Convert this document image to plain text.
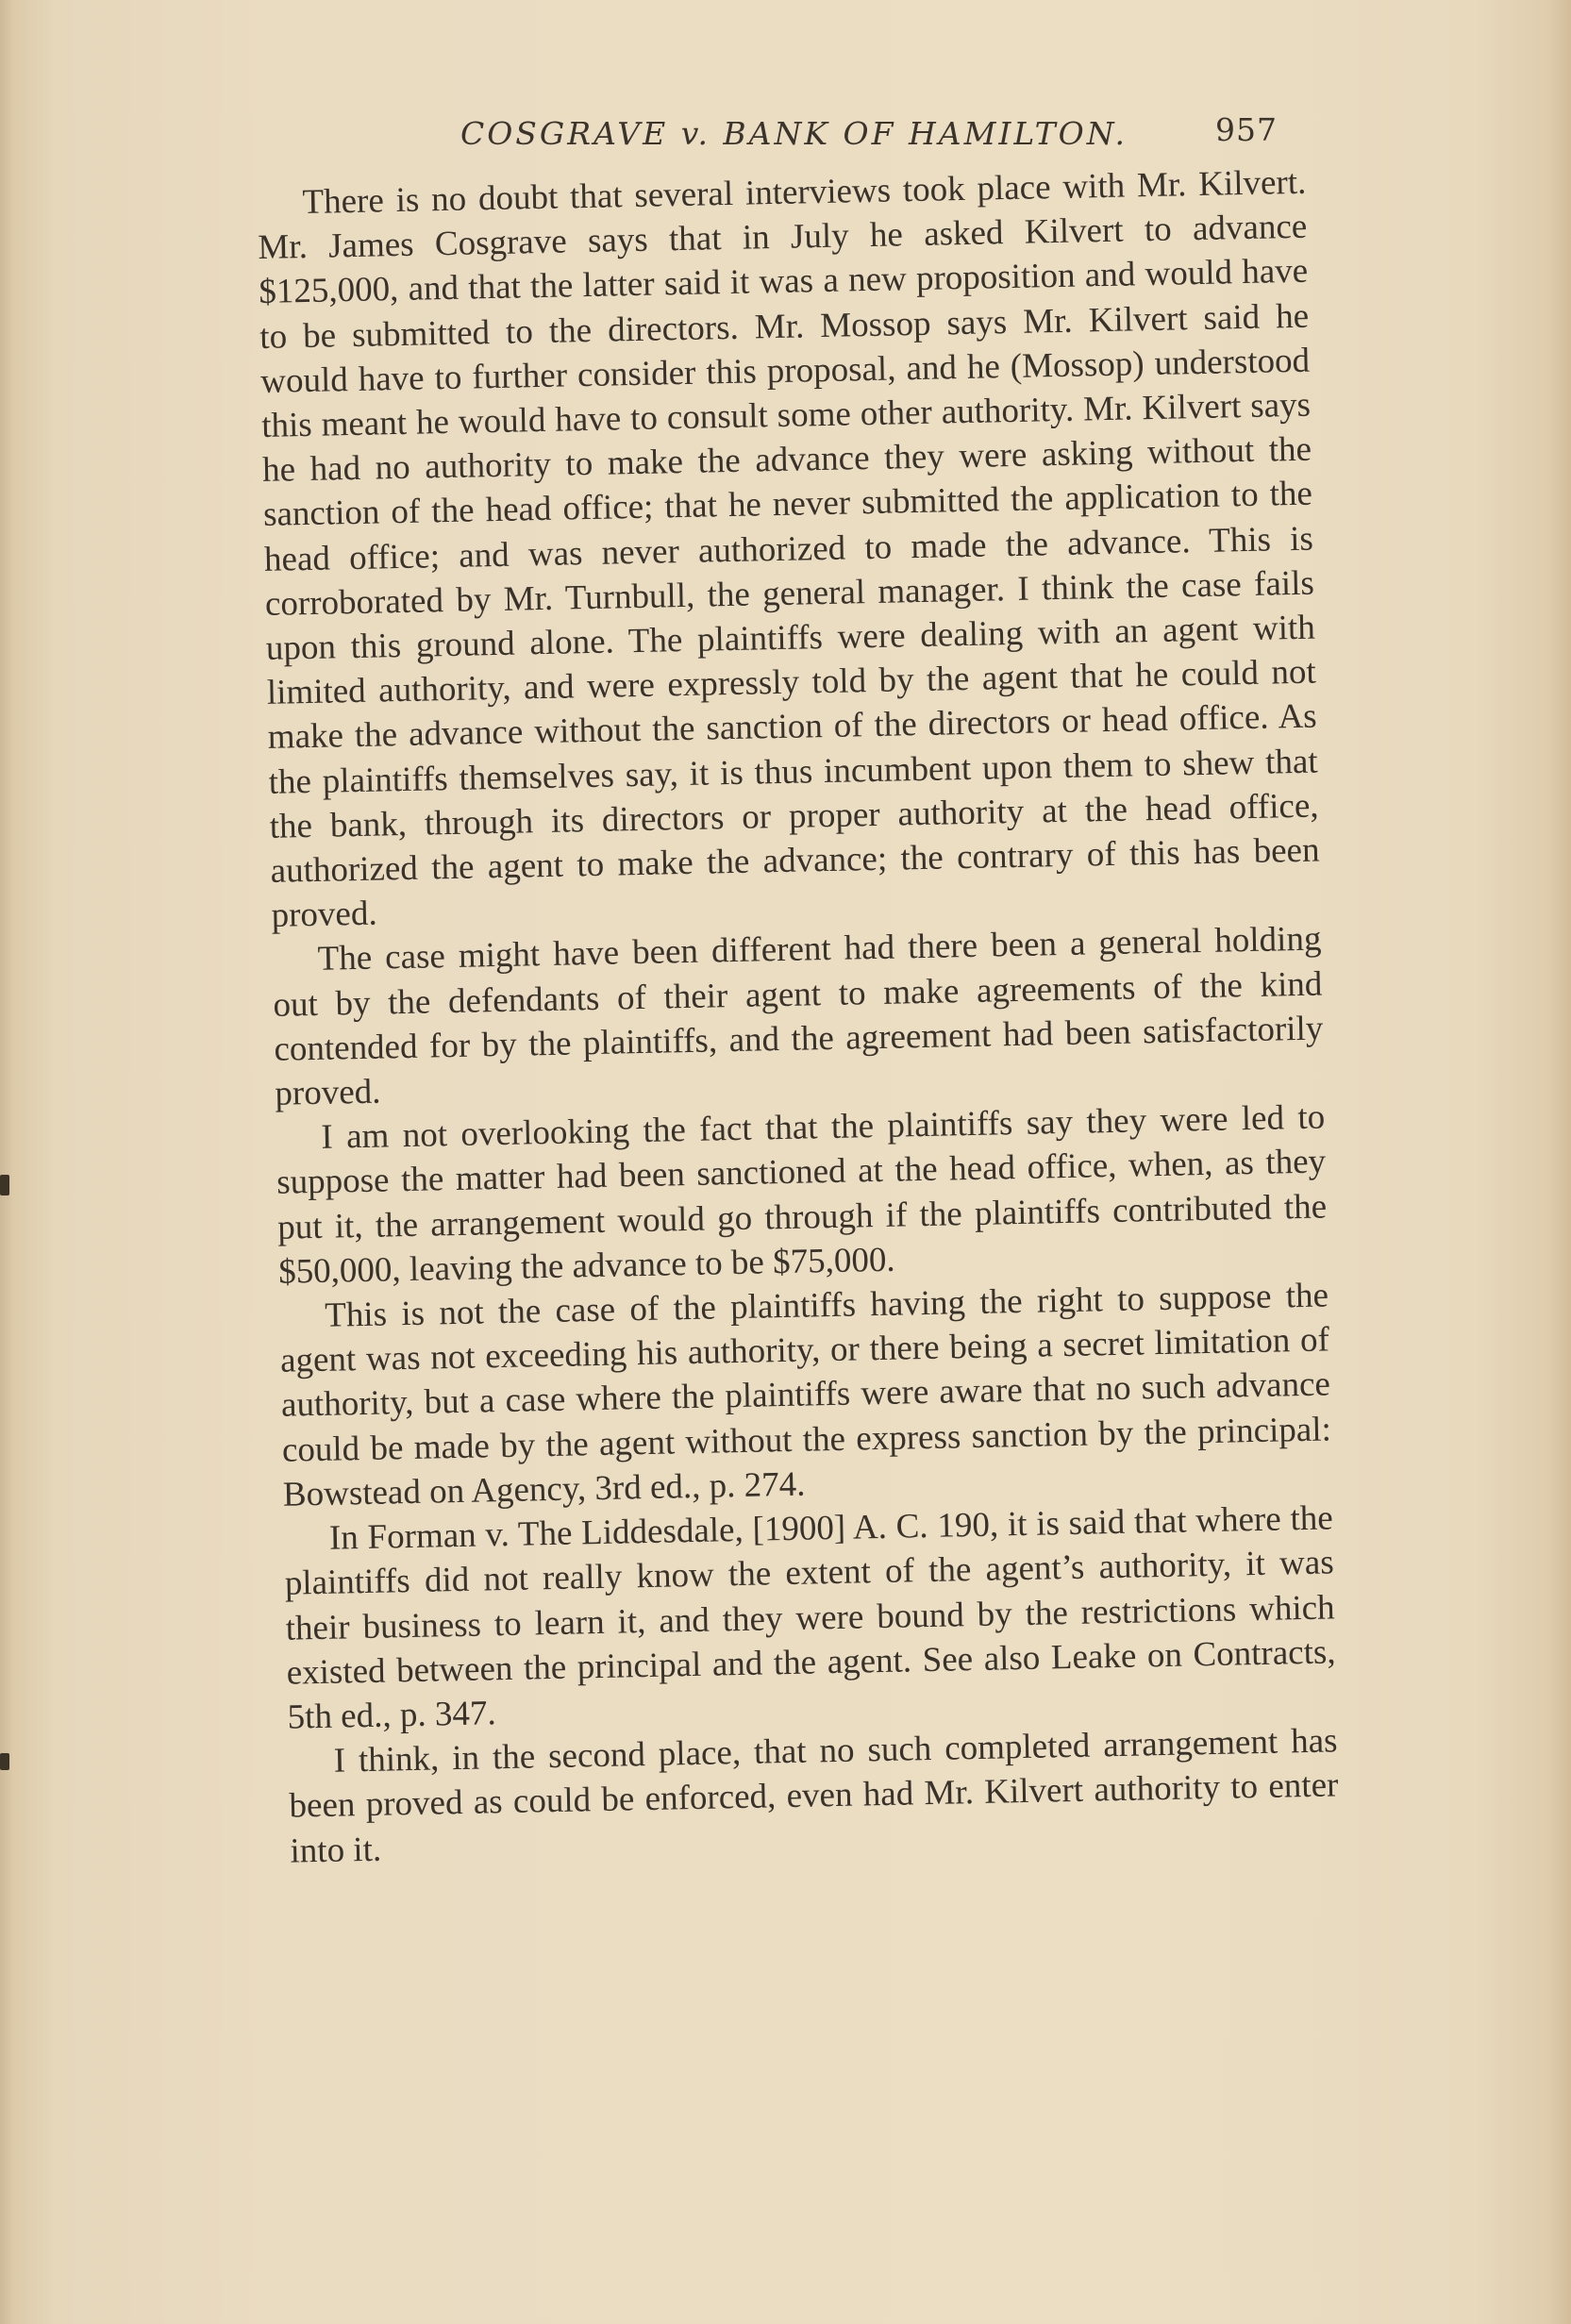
COSGRAVE v. BANK OF HAMILTON.	957

There is no doubt that several interviews took place with Mr. Kilvert. Mr. James Cosgrave says that in July he asked Kilvert to advance $125,000, and that the latter said it was a new proposition and would have to be submitted to the directors. Mr. Mossop says Mr. Kilvert said he would have to further consider this proposal, and he (Mossop) understood this meant he would have to consult some other authority. Mr. Kilvert says he had no authority to make the advance they were asking without the sanction of the head office; that he never submitted the application to the head office; and was never authorized to made the advance. This is corroborated by Mr. Turnbull, the general manager. I think the case fails upon this ground alone. The plaintiffs were dealing with an agent with limited authority, and were expressly told by the agent that he could not make the advance without the sanction of the directors or head office. As the plaintiffs themselves say, it is thus incumbent upon them to shew that the bank, through its directors or proper authority at the head office, authorized the agent to make the advance; the contrary of this has been proved.

The case might have been different had there been a general holding out by the defendants of their agent to make agreements of the kind contended for by the plaintiffs, and the agreement had been satisfactorily proved.

I am not overlooking the fact that the plaintiffs say they were led to suppose the matter had been sanctioned at the head office, when, as they put it, the arrangement would go through if the plaintiffs contributed the $50,000, leaving the advance to be $75,000.

This is not the case of the plaintiffs having the right to suppose the agent was not exceeding his authority, or there being a secret limitation of authority, but a case where the plaintiffs were aware that no such advance could be made by the agent without the express sanction by the principal: Bowstead on Agency, 3rd ed., p. 274.

In Forman v. The Liddesdale, [1900] A. C. 190, it is said that where the plaintiffs did not really know the extent of the agent’s authority, it was their business to learn it, and they were bound by the restrictions which existed between the principal and the agent. See also Leake on Contracts, 5th ed., p. 347.

I think, in the second place, that no such completed arrangement has been proved as could be enforced, even had Mr. Kilvert authority to enter into it.
